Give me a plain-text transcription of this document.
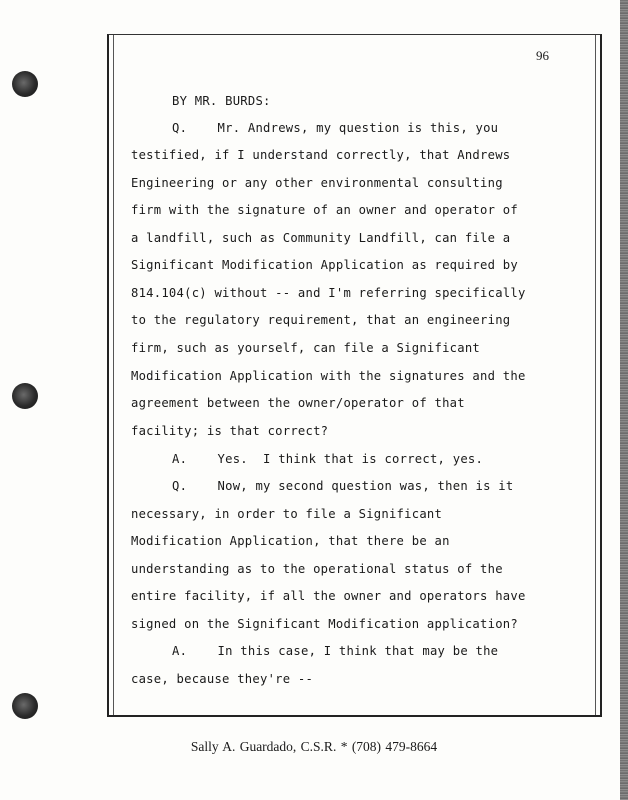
96
BY MR. BURDS:
Q.    Mr. Andrews, my question is this, you
testified, if I understand correctly, that Andrews
Engineering or any other environmental consulting
firm with the signature of an owner and operator of
a landfill, such as Community Landfill, can file a
Significant Modification Application as required by
814.104(c) without -- and I'm referring specifically
to the regulatory requirement, that an engineering
firm, such as yourself, can file a Significant
Modification Application with the signatures and the
agreement between the owner/operator of that
facility; is that correct?
A.    Yes.  I think that is correct, yes.
Q.    Now, my second question was, then is it
necessary, in order to file a Significant
Modification Application, that there be an
understanding as to the operational status of the
entire facility, if all the owner and operators have
signed on the Significant Modification application?
A.    In this case, I think that may be the
case, because they're --
Sally A. Guardado, C.S.R. * (708) 479-8664
